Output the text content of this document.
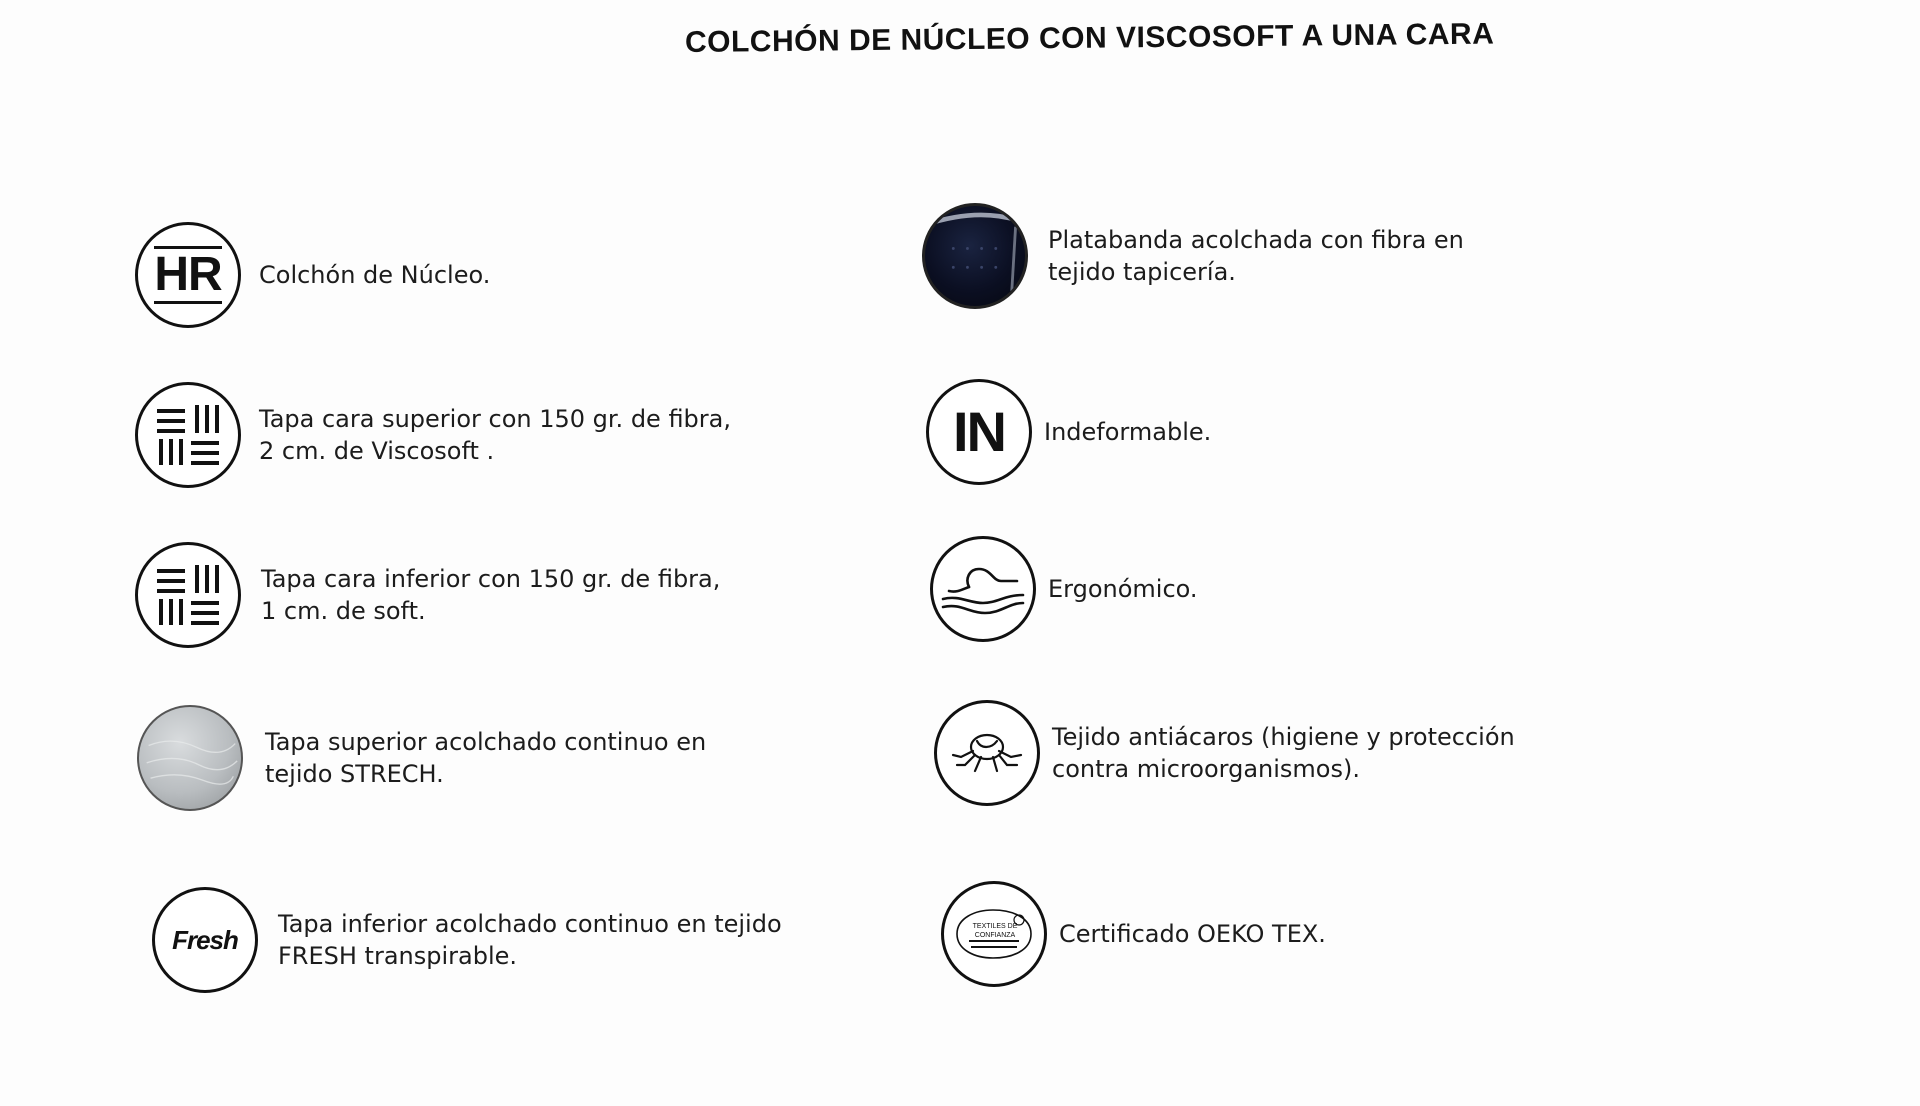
COLCHÓN DE NÚCLEO CON VISCOSOFT A UNA CARA
HR Colchón de Núcleo.
Tapa cara superior con 150 gr. de fibra,
2 cm. de Viscosoft .
Tapa cara inferior con 150 gr. de fibra,
1 cm. de soft.
Tapa superior acolchado continuo en
tejido STRECH.
Fresh
Tapa inferior acolchado continuo en tejido
FRESH transpirable.
Platabanda acolchada con fibra en
tejido tapicería.
IN Indeformable.
Ergonómico.
Tejido antiácaros (higiene y protección
contra microorganismos).
TEXTILES DE CONFIANZA Certificado OEKO TEX.
